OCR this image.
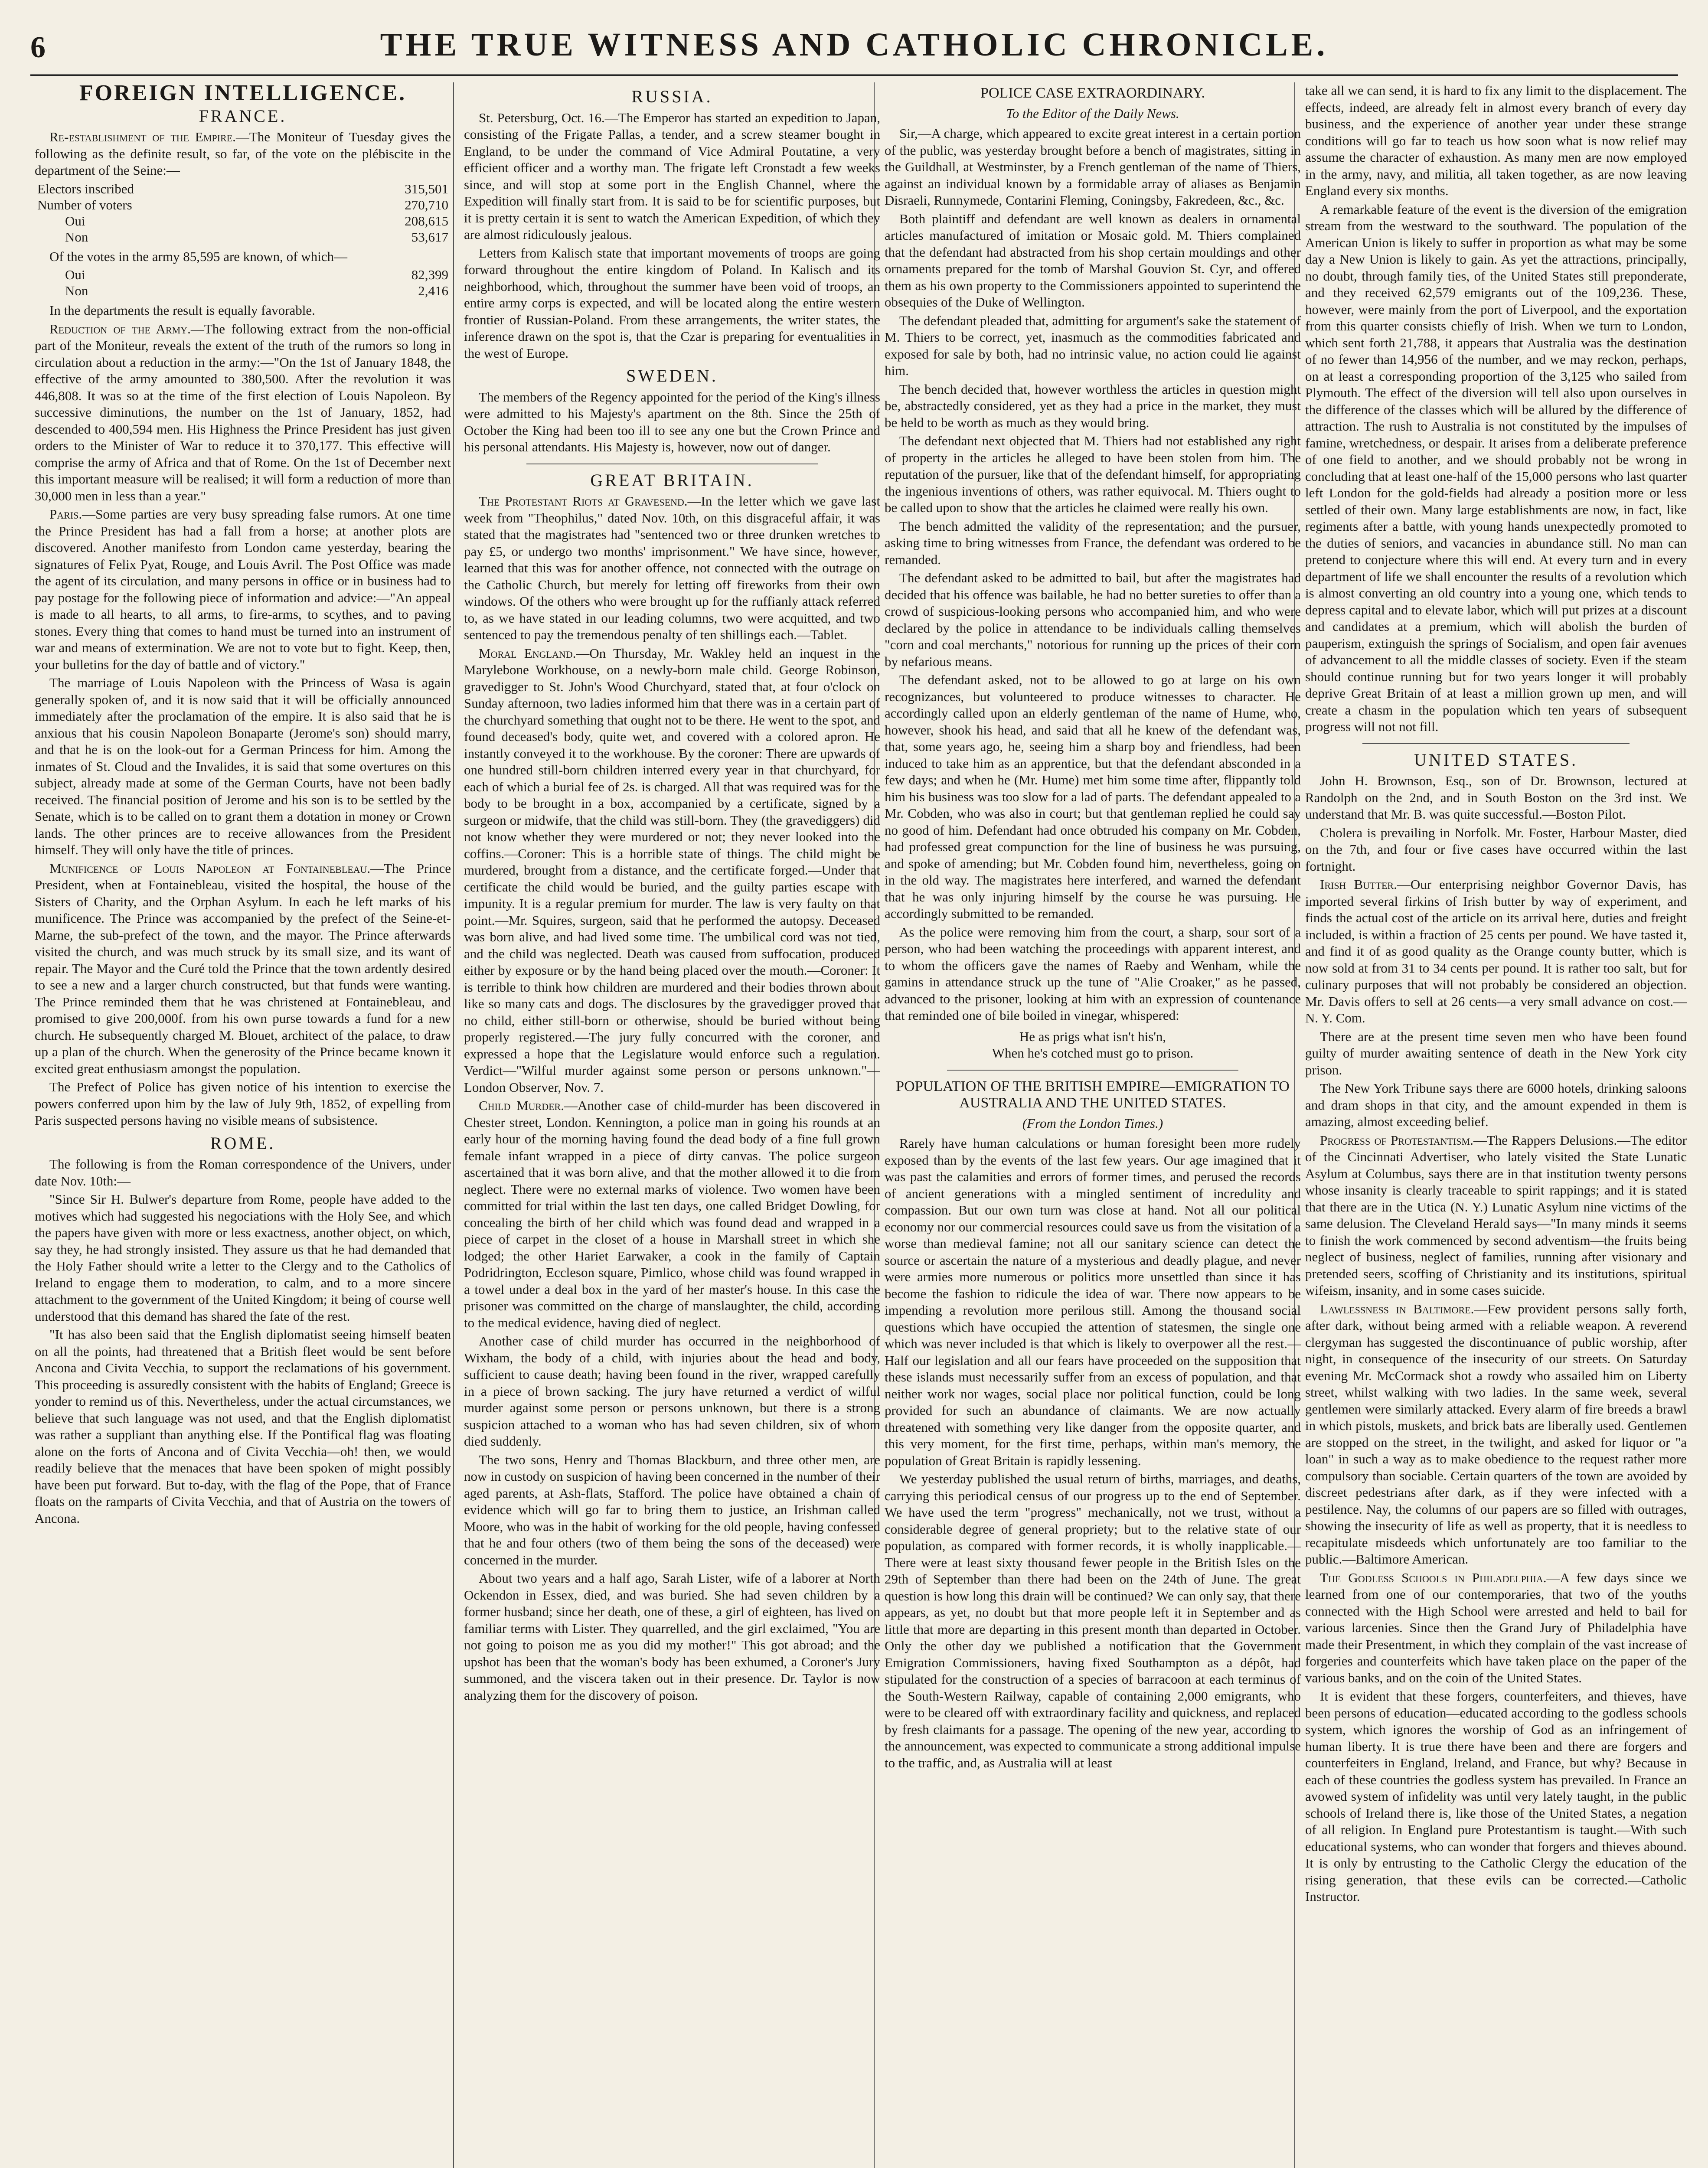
6	THE TRUE WITNESS AND CATHOLIC CHRONICLE.
FOREIGN INTELLIGENCE.
FRANCE.

Re-establishment of the Empire.—The Moniteur of Tuesday gives the following as the definite result, so far, of the vote on the plébiscite in the department of the Seine:—

Electors inscribed	315,501
Number of voters	270,710
Oui	208,615
Non	53,617

Of the votes in the army 85,595 are known, of which—

Oui	82,399
Non	2,416

In the departments the result is equally favorable.

Reduction of the Army.—The following extract from the non-official part of the Moniteur, reveals the extent of the truth of the rumors so long in circulation about a reduction in the army:—"On the 1st of January 1848, the effective of the army amounted to 380,500. After the revolution it was 446,808. It was so at the time of the first election of Louis Napoleon. By successive diminutions, the number on the 1st of January, 1852, had descended to 400,594 men. His Highness the Prince President has just given orders to the Minister of War to reduce it to 370,177. This effective will comprise the army of Africa and that of Rome. On the 1st of December next this important measure will be realised; it will form a reduction of more than 30,000 men in less than a year."

Paris.—Some parties are very busy spreading false rumors. At one time the Prince President has had a fall from a horse; at another plots are discovered. Another manifesto from London came yesterday, bearing the signatures of Felix Pyat, Rouge, and Louis Avril. The Post Office was made the agent of its circulation, and many persons in office or in business had to pay postage for the following piece of information and advice:—"An appeal is made to all hearts, to all arms, to fire-arms, to scythes, and to paving stones. Every thing that comes to hand must be turned into an instrument of war and means of extermination. We are not to vote but to fight. Keep, then, your bulletins for the day of battle and of victory."

The marriage of Louis Napoleon with the Princess of Wasa is again generally spoken of, and it is now said that it will be officially announced immediately after the proclamation of the empire. It is also said that he is anxious that his cousin Napoleon Bonaparte (Jerome's son) should marry, and that he is on the look-out for a German Princess for him. Among the inmates of St. Cloud and the Invalides, it is said that some overtures on this subject, already made at some of the German Courts, have not been badly received. The financial position of Jerome and his son is to be settled by the Senate, which is to be called on to grant them a dotation in money or Crown lands. The other princes are to receive allowances from the President himself. They will only have the title of princes.

Munificence of Louis Napoleon at Fontainebleau.—The Prince President, when at Fontainebleau, visited the hospital, the house of the Sisters of Charity, and the Orphan Asylum. In each he left marks of his munificence. The Prince was accompanied by the prefect of the Seine-et-Marne, the sub-prefect of the town, and the mayor. The Prince afterwards visited the church, and was much struck by its small size, and its want of repair. The Mayor and the Curé told the Prince that the town ardently desired to see a new and a larger church constructed, but that funds were wanting. The Prince reminded them that he was christened at Fontainebleau, and promised to give 200,000f. from his own purse towards a fund for a new church. He subsequently charged M. Blouet, architect of the palace, to draw up a plan of the church. When the generosity of the Prince became known it excited great enthusiasm amongst the population.

The Prefect of Police has given notice of his intention to exercise the powers conferred upon him by the law of July 9th, 1852, of expelling from Paris suspected persons having no visible means of subsistence.

ROME.

The following is from the Roman correspondence of the Univers, under date Nov. 10th:—

"Since Sir H. Bulwer's departure from Rome, people have added to the motives which had suggested his negociations with the Holy See, and which the papers have given with more or less exactness, another object, on which, say they, he had strongly insisted. They assure us that he had demanded that the Holy Father should write a letter to the Clergy and to the Catholics of Ireland to engage them to moderation, to calm, and to a more sincere attachment to the government of the United Kingdom; it being of course well understood that this demand has shared the fate of the rest.

"It has also been said that the English diplomatist seeing himself beaten on all the points, had threatened that a British fleet would be sent before Ancona and Civita Vecchia, to support the reclamations of his government. This proceeding is assuredly consistent with the habits of England; Greece is yonder to remind us of this. Nevertheless, under the actual circumstances, we believe that such language was not used, and that the English diplomatist was rather a suppliant than anything else. If the Pontifical flag was floating alone on the forts of Ancona and of Civita Vecchia—oh! then, we would readily believe that the menaces that have been spoken of might possibly have been put forward. But to-day, with the flag of the Pope, that of France floats on the ramparts of Civita Vecchia, and that of Austria on the towers of Ancona.

RUSSIA.

St. Petersburg, Oct. 16.—The Emperor has started an expedition to Japan, consisting of the Frigate Pallas, a tender, and a screw steamer bought in England, to be under the command of Vice Admiral Poutatine, a very efficient officer and a worthy man. The frigate left Cronstadt a few weeks since, and will stop at some port in the English Channel, where the Expedition will finally start from. It is said to be for scientific purposes, but it is pretty certain it is sent to watch the American Expedition, of which they are almost ridiculously jealous.

Letters from Kalisch state that important movements of troops are going forward throughout the entire kingdom of Poland. In Kalisch and its neighborhood, which, throughout the summer have been void of troops, an entire army corps is expected, and will be located along the entire western frontier of Russian-Poland. From these arrangements, the writer states, the inference drawn on the spot is, that the Czar is preparing for eventualities in the west of Europe.

SWEDEN.

The members of the Regency appointed for the period of the King's illness were admitted to his Majesty's apartment on the 8th. Since the 25th of October the King had been too ill to see any one but the Crown Prince and his personal attendants. His Majesty is, however, now out of danger.

GREAT BRITAIN.

The Protestant Riots at Gravesend.—In the letter which we gave last week from "Theophilus," dated Nov. 10th, on this disgraceful affair, it was stated that the magistrates had "sentenced two or three drunken wretches to pay £5, or undergo two months' imprisonment." We have since, however, learned that this was for another offence, not connected with the outrage on the Catholic Church, but merely for letting off fireworks from their own windows. Of the others who were brought up for the ruffianly attack referred to, as we have stated in our leading columns, two were acquitted, and two sentenced to pay the tremendous penalty of ten shillings each.—Tablet.

Moral England.—On Thursday, Mr. Wakley held an inquest in the Marylebone Workhouse, on a newly-born male child. George Robinson, gravedigger to St. John's Wood Churchyard, stated that, at four o'clock on Sunday afternoon, two ladies informed him that there was in a certain part of the churchyard something that ought not to be there. He went to the spot, and found deceased's body, quite wet, and covered with a colored apron. He instantly conveyed it to the workhouse. By the coroner: There are upwards of one hundred still-born children interred every year in that churchyard, for each of which a burial fee of 2s. is charged. All that was required was for the body to be brought in a box, accompanied by a certificate, signed by a surgeon or midwife, that the child was still-born. They (the gravediggers) did not know whether they were murdered or not; they never looked into the coffins.—Coroner: This is a horrible state of things. The child might be murdered, brought from a distance, and the certificate forged.—Under that certificate the child would be buried, and the guilty parties escape with impunity. It is a regular premium for murder. The law is very faulty on that point.—Mr. Squires, surgeon, said that he performed the autopsy. Deceased was born alive, and had lived some time. The umbilical cord was not tied, and the child was neglected. Death was caused from suffocation, produced either by exposure or by the hand being placed over the mouth.—Coroner: It is terrible to think how children are murdered and their bodies thrown about like so many cats and dogs. The disclosures by the gravedigger proved that no child, either still-born or otherwise, should be buried without being properly registered.—The jury fully concurred with the coroner, and expressed a hope that the Legislature would enforce such a regulation. Verdict—"Wilful murder against some person or persons unknown."—London Observer, Nov. 7.

Child Murder.—Another case of child-murder has been discovered in Chester street, London. Kennington, a police man in going his rounds at an early hour of the morning having found the dead body of a fine full grown female infant wrapped in a piece of dirty canvas. The police surgeon ascertained that it was born alive, and that the mother allowed it to die from neglect. There were no external marks of violence. Two women have been committed for trial within the last ten days, one called Bridget Dowling, for concealing the birth of her child which was found dead and wrapped in a piece of carpet in the closet of a house in Marshall street in which she lodged; the other Hariet Earwaker, a cook in the family of Captain Podridrington, Eccleson square, Pimlico, whose child was found wrapped in a towel under a deal box in the yard of her master's house. In this case the prisoner was committed on the charge of manslaughter, the child, according to the medical evidence, having died of neglect.

Another case of child murder has occurred in the neighborhood of Wixham, the body of a child, with injuries about the head and body, sufficient to cause death; having been found in the river, wrapped carefully in a piece of brown sacking. The jury have returned a verdict of wilful murder against some person or persons unknown, but there is a strong suspicion attached to a woman who has had seven children, six of whom died suddenly.

The two sons, Henry and Thomas Blackburn, and three other men, are now in custody on suspicion of having been concerned in the number of their aged parents, at Ash-flats, Stafford. The police have obtained a chain of evidence which will go far to bring them to justice, an Irishman called Moore, who was in the habit of working for the old people, having confessed that he and four others (two of them being the sons of the deceased) were concerned in the murder.

About two years and a half ago, Sarah Lister, wife of a laborer at North Ockendon in Essex, died, and was buried. She had seven children by a former husband; since her death, one of these, a girl of eighteen, has lived on familiar terms with Lister. They quarrelled, and the girl exclaimed, "You are not going to poison me as you did my mother!" This got abroad; and the upshot has been that the woman's body has been exhumed, a Coroner's Jury summoned, and the viscera taken out in their presence. Dr. Taylor is now analyzing them for the discovery of poison.

POLICE CASE EXTRAORDINARY.
To the Editor of the Daily News.

Sir,—A charge, which appeared to excite great interest in a certain portion of the public, was yesterday brought before a bench of magistrates, sitting in the Guildhall, at Westminster, by a French gentleman of the name of Thiers, against an individual known by a formidable array of aliases as Benjamin Disraeli, Runnymede, Contarini Fleming, Coningsby, Fakredeen, &c., &c.

Both plaintiff and defendant are well known as dealers in ornamental articles manufactured of imitation or Mosaic gold. M. Thiers complained that the defendant had abstracted from his shop certain mouldings and other ornaments prepared for the tomb of Marshal Gouvion St. Cyr, and offered them as his own property to the Commissioners appointed to superintend the obsequies of the Duke of Wellington.

The defendant pleaded that, admitting for argument's sake the statement of M. Thiers to be correct, yet, inasmuch as the commodities fabricated and exposed for sale by both, had no intrinsic value, no action could lie against him.

The bench decided that, however worthless the articles in question might be, abstractedly considered, yet as they had a price in the market, they must be held to be worth as much as they would bring.

The defendant next objected that M. Thiers had not established any right of property in the articles he alleged to have been stolen from him. The reputation of the pursuer, like that of the defendant himself, for appropriating the ingenious inventions of others, was rather equivocal. M. Thiers ought to be called upon to show that the articles he claimed were really his own.

The bench admitted the validity of the representation; and the pursuer, asking time to bring witnesses from France, the defendant was ordered to be remanded.

The defendant asked to be admitted to bail, but after the magistrates had decided that his offence was bailable, he had no better sureties to offer than a crowd of suspicious-looking persons who accompanied him, and who were declared by the police in attendance to be individuals calling themselves "corn and coal merchants," notorious for running up the prices of their corn by nefarious means.

The defendant asked, not to be allowed to go at large on his own recognizances, but volunteered to produce witnesses to character. He accordingly called upon an elderly gentleman of the name of Hume, who, however, shook his head, and said that all he knew of the defendant was, that, some years ago, he, seeing him a sharp boy and friendless, had been induced to take him as an apprentice, but that the defendant absconded in a few days; and when he (Mr. Hume) met him some time after, flippantly told him his business was too slow for a lad of parts. The defendant appealed to a Mr. Cobden, who was also in court; but that gentleman replied he could say no good of him. Defendant had once obtruded his company on Mr. Cobden, had professed great compunction for the line of business he was pursuing, and spoke of amending; but Mr. Cobden found him, nevertheless, going on in the old way. The magistrates here interfered, and warned the defendant that he was only injuring himself by the course he was pursuing. He accordingly submitted to be remanded.

As the police were removing him from the court, a sharp, sour sort of a person, who had been watching the proceedings with apparent interest, and to whom the officers gave the names of Raeby and Wenham, while the gamins in attendance struck up the tune of "Alie Croaker," as he passed, advanced to the prisoner, looking at him with an expression of countenance that reminded one of bile boiled in vinegar, whispered:

He as prigs what isn't his'n,
When he's cotched must go to prison.
POPULATION OF THE BRITISH EMPIRE—EMIGRATION TO AUSTRALIA AND THE UNITED STATES.
(From the London Times.)

Rarely have human calculations or human foresight been more rudely exposed than by the events of the last few years. Our age imagined that it was past the calamities and errors of former times, and perused the records of ancient generations with a mingled sentiment of incredulity and compassion. But our own turn was close at hand. Not all our political economy nor our commercial resources could save us from the visitation of a worse than medieval famine; not all our sanitary science can detect the source or ascertain the nature of a mysterious and deadly plague, and never were armies more numerous or politics more unsettled than since it has become the fashion to ridicule the idea of war. There now appears to be impending a revolution more perilous still. Among the thousand social questions which have occupied the attention of statesmen, the single one which was never included is that which is likely to overpower all the rest.—Half our legislation and all our fears have proceeded on the supposition that these islands must necessarily suffer from an excess of population, and that neither work nor wages, social place nor political function, could be long provided for such an abundance of claimants. We are now actually threatened with something very like danger from the opposite quarter, and this very moment, for the first time, perhaps, within man's memory, the population of Great Britain is rapidly lessening.

We yesterday published the usual return of births, marriages, and deaths, carrying this periodical census of our progress up to the end of September. We have used the term "progress" mechanically, not we trust, without a considerable degree of general propriety; but to the relative state of our population, as compared with former records, it is wholly inapplicable.—There were at least sixty thousand fewer people in the British Isles on the 29th of September than there had been on the 24th of June. The great question is how long this drain will be continued? We can only say, that there appears, as yet, no doubt but that more people left it in September and as little that more are departing in this present month than departed in October. Only the other day we published a notification that the Government Emigration Commissioners, having fixed Southampton as a dépôt, had stipulated for the construction of a species of barracoon at each terminus of the South-Western Railway, capable of containing 2,000 emigrants, who were to be cleared off with extraordinary facility and quickness, and replaced by fresh claimants for a passage. The opening of the new year, according to the announcement, was expected to communicate a strong additional impulse to the traffic, and, as Australia will at least

take all we can send, it is hard to fix any limit to the displacement. The effects, indeed, are already felt in almost every branch of every day business, and the experience of another year under these strange conditions will go far to teach us how soon what is now relief may assume the character of exhaustion. As many men are now employed in the army, navy, and militia, all taken together, as are now leaving England every six months.

A remarkable feature of the event is the diversion of the emigration stream from the westward to the southward. The population of the American Union is likely to suffer in proportion as what may be some day a New Union is likely to gain. As yet the attractions, principally, no doubt, through family ties, of the United States still preponderate, and they received 62,579 emigrants out of the 109,236. These, however, were mainly from the port of Liverpool, and the exportation from this quarter consists chiefly of Irish. When we turn to London, which sent forth 21,788, it appears that Australia was the destination of no fewer than 14,956 of the number, and we may reckon, perhaps, on at least a corresponding proportion of the 3,125 who sailed from Plymouth. The effect of the diversion will tell also upon ourselves in the difference of the classes which will be allured by the difference of attraction. The rush to Australia is not constituted by the impulses of famine, wretchedness, or despair. It arises from a deliberate preference of one field to another, and we should probably not be wrong in concluding that at least one-half of the 15,000 persons who last quarter left London for the gold-fields had already a position more or less settled of their own. Many large establishments are now, in fact, like regiments after a battle, with young hands unexpectedly promoted to the duties of seniors, and vacancies in abundance still. No man can pretend to conjecture where this will end. At every turn and in every department of life we shall encounter the results of a revolution which is almost converting an old country into a young one, which tends to depress capital and to elevate labor, which will put prizes at a discount and candidates at a premium, which will abolish the burden of pauperism, extinguish the springs of Socialism, and open fair avenues of advancement to all the middle classes of society. Even if the steam should continue running but for two years longer it will probably deprive Great Britain of at least a million grown up men, and will create a chasm in the population which ten years of subsequent progress will not not fill.

UNITED STATES.

John H. Brownson, Esq., son of Dr. Brownson, lectured at Randolph on the 2nd, and in South Boston on the 3rd inst. We understand that Mr. B. was quite successful.—Boston Pilot.

Cholera is prevailing in Norfolk. Mr. Foster, Harbour Master, died on the 7th, and four or five cases have occurred within the last fortnight.

Irish Butter.—Our enterprising neighbor Governor Davis, has imported several firkins of Irish butter by way of experiment, and finds the actual cost of the article on its arrival here, duties and freight included, is within a fraction of 25 cents per pound. We have tasted it, and find it of as good quality as the Orange county butter, which is now sold at from 31 to 34 cents per pound. It is rather too salt, but for culinary purposes that will not probably be considered an objection. Mr. Davis offers to sell at 26 cents—a very small advance on cost.—N. Y. Com.

There are at the present time seven men who have been found guilty of murder awaiting sentence of death in the New York city prison.

The New York Tribune says there are 6000 hotels, drinking saloons and dram shops in that city, and the amount expended in them is amazing, almost exceeding belief.

Progress of Protestantism.—The Rappers Delusions.—The editor of the Cincinnati Advertiser, who lately visited the State Lunatic Asylum at Columbus, says there are in that institution twenty persons whose insanity is clearly traceable to spirit rappings; and it is stated that there are in the Utica (N. Y.) Lunatic Asylum nine victims of the same delusion. The Cleveland Herald says—"In many minds it seems to finish the work commenced by second adventism—the fruits being neglect of business, neglect of families, running after visionary and pretended seers, scoffing of Christianity and its institutions, spiritual wifeism, insanity, and in some cases suicide.

Lawlessness in Baltimore.—Few provident persons sally forth, after dark, without being armed with a reliable weapon. A reverend clergyman has suggested the discontinuance of public worship, after night, in consequence of the insecurity of our streets. On Saturday evening Mr. McCormack shot a rowdy who assailed him on Liberty street, whilst walking with two ladies. In the same week, several gentlemen were similarly attacked. Every alarm of fire breeds a brawl in which pistols, muskets, and brick bats are liberally used. Gentlemen are stopped on the street, in the twilight, and asked for liquor or "a loan" in such a way as to make obedience to the request rather more compulsory than sociable. Certain quarters of the town are avoided by discreet pedestrians after dark, as if they were infected with a pestilence. Nay, the columns of our papers are so filled with outrages, showing the insecurity of life as well as property, that it is needless to recapitulate misdeeds which unfortunately are too familiar to the public.—Baltimore American.

The Godless Schools in Philadelphia.—A few days since we learned from one of our contemporaries, that two of the youths connected with the High School were arrested and held to bail for various larcenies. Since then the Grand Jury of Philadelphia have made their Presentment, in which they complain of the vast increase of forgeries and counterfeits which have taken place on the paper of the various banks, and on the coin of the United States.

It is evident that these forgers, counterfeiters, and thieves, have been persons of education—educated according to the godless schools system, which ignores the worship of God as an infringement of human liberty. It is true there have been and there are forgers and counterfeiters in England, Ireland, and France, but why? Because in each of these countries the godless system has prevailed. In France an avowed system of infidelity was until very lately taught, in the public schools of Ireland there is, like those of the United States, a negation of all religion. In England pure Protestantism is taught.—With such educational systems, who can wonder that forgers and thieves abound. It is only by entrusting to the Catholic Clergy the education of the rising generation, that these evils can be corrected.—Catholic Instructor.
